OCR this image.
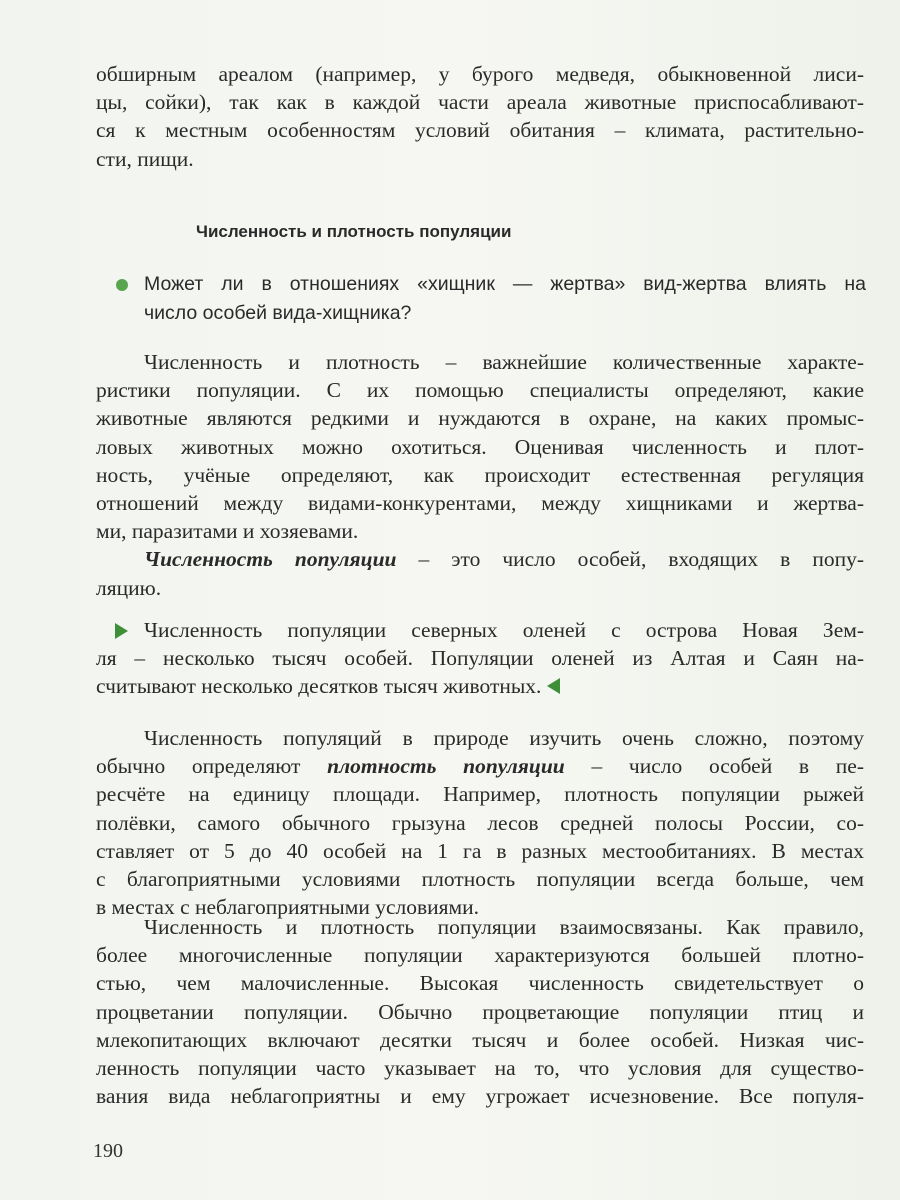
обширным ареалом (например, у бурого медведя, обыкновенной лиси-
цы, сойки), так как в каждой части ареала животные приспосабливают-
ся к местным особенностям условий обитания – климата, растительно-
сти, пищи.
Численность и плотность популяции
Может ли в отношениях «хищник — жертва» вид-жертва влиять на
число особей вида-хищника?
Численность и плотность – важнейшие количественные характе-
ристики популяции. С их помощью специалисты определяют, какие
животные являются редкими и нуждаются в охране, на каких промыс-
ловых животных можно охотиться. Оценивая численность и плот-
ность, учёные определяют, как происходит естественная регуляция
отношений между видами-конкурентами, между хищниками и жертва-
ми, паразитами и хозяевами.
Численность популяции – это число особей, входящих в попу-
ляцию.
Численность популяции северных оленей с острова Новая Зем-
ля – несколько тысяч особей. Популяции оленей из Алтая и Саян на-
считывают несколько десятков тысяч животных.
Численность популяций в природе изучить очень сложно, поэтому
обычно определяют плотность популяции – число особей в пе-
ресчёте на единицу площади. Например, плотность популяции рыжей
полёвки, самого обычного грызуна лесов средней полосы России, со-
ставляет от 5 до 40 особей на 1 га в разных местообитаниях. В местах
с благоприятными условиями плотность популяции всегда больше, чем
в местах с неблагоприятными условиями.
Численность и плотность популяции взаимосвязаны. Как правило,
более многочисленные популяции характеризуются большей плотно-
стью, чем малочисленные. Высокая численность свидетельствует о
процветании популяции. Обычно процветающие популяции птиц и
млекопитающих включают десятки тысяч и более особей. Низкая чис-
ленность популяции часто указывает на то, что условия для существо-
вания вида неблагоприятны и ему угрожает исчезновение. Все популя-
190
